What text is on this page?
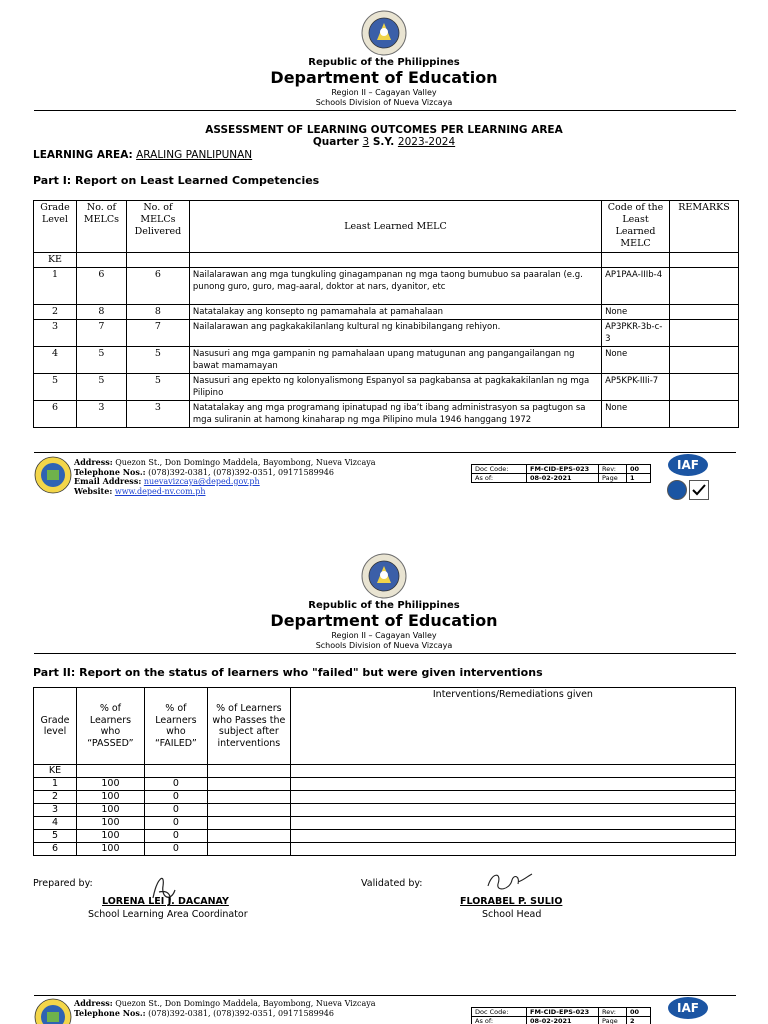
Republic of the Philippines
Department of Education
Region II – Cagayan Valley
Schools Division of Nueva Vizcaya
ASSESSMENT OF LEARNING OUTCOMES PER LEARNING AREA
Quarter 3 S.Y. 2023-2024
LEARNING AREA: ARALING PANLIPUNAN
Part I: Report on Least Learned Competencies
Grade Level	No. of MELCs	No. of MELCs Delivered	Least Learned MELC	Code of the Least Learned MELC	REMARKS
KE					
1	6	6	Nailalarawan ang mga tungkuling ginagampanan ng mga taong bumubuo sa paaralan (e.g. punong guro, guro, mag-aaral, doktor at nars, dyanitor, etc	AP1PAA-IIIb-4	
2	8	8	Natatalakay ang konsepto ng pamamahala at pamahalaan	None	
3	7	7	Nailalarawan ang pagkakakilanlang kultural ng kinabibilangang rehiyon.	AP3PKR-3b-c-3	
4	5	5	Nasusuri ang mga gampanin ng pamahalaan upang matugunan ang pangangailangan ng bawat mamamayan	None	
5	5	5	Nasusuri ang epekto ng kolonyalismong Espanyol sa pagkabansa at pagkakakilanlan ng mga Pilipino	AP5KPK-IIIi-7	
6	3	3	Natatalakay ang mga programang ipinatupad ng iba’t ibang administrasyon sa pagtugon sa mga suliranin at hamong kinaharap ng mga Pilipino mula 1946 hanggang 1972	None	
Address: Quezon St., Don Domingo Maddela, Bayombong, Nueva Vizcaya
Telephone Nos.: (078)392-0381, (078)392-0351, 09171589946
Email Address: nuevavizcaya@deped.gov.ph
Website: www.deped-nv.com.ph
Doc Code:	FM-CID-EPS-023	Rev:	00
As of:	08-02-2021	Page	1
IAF
Republic of the Philippines
Department of Education
Region II – Cagayan Valley
Schools Division of Nueva Vizcaya
Part II: Report on the status of learners who "failed" but were given interventions
Grade level	% of Learners who “PASSED”	% of Learners who “FAILED”	% of Learners who Passes the subject after interventions	Interventions/Remediations given
KE				
1	100	0		
2	100	0		
3	100	0		
4	100	0		
5	100	0		
6	100	0		
Prepared by:
LORENA LEI J. DACANAY
School Learning Area Coordinator
Validated by:
FLORABEL P. SULIO
School Head
Address: Quezon St., Don Domingo Maddela, Bayombong, Nueva Vizcaya
Telephone Nos.: (078)392-0381, (078)392-0351, 09171589946	Doc Code:	FM-CID-EPS-023	Rev:	00
As of:	08-02-2021	Page	2
IAF
